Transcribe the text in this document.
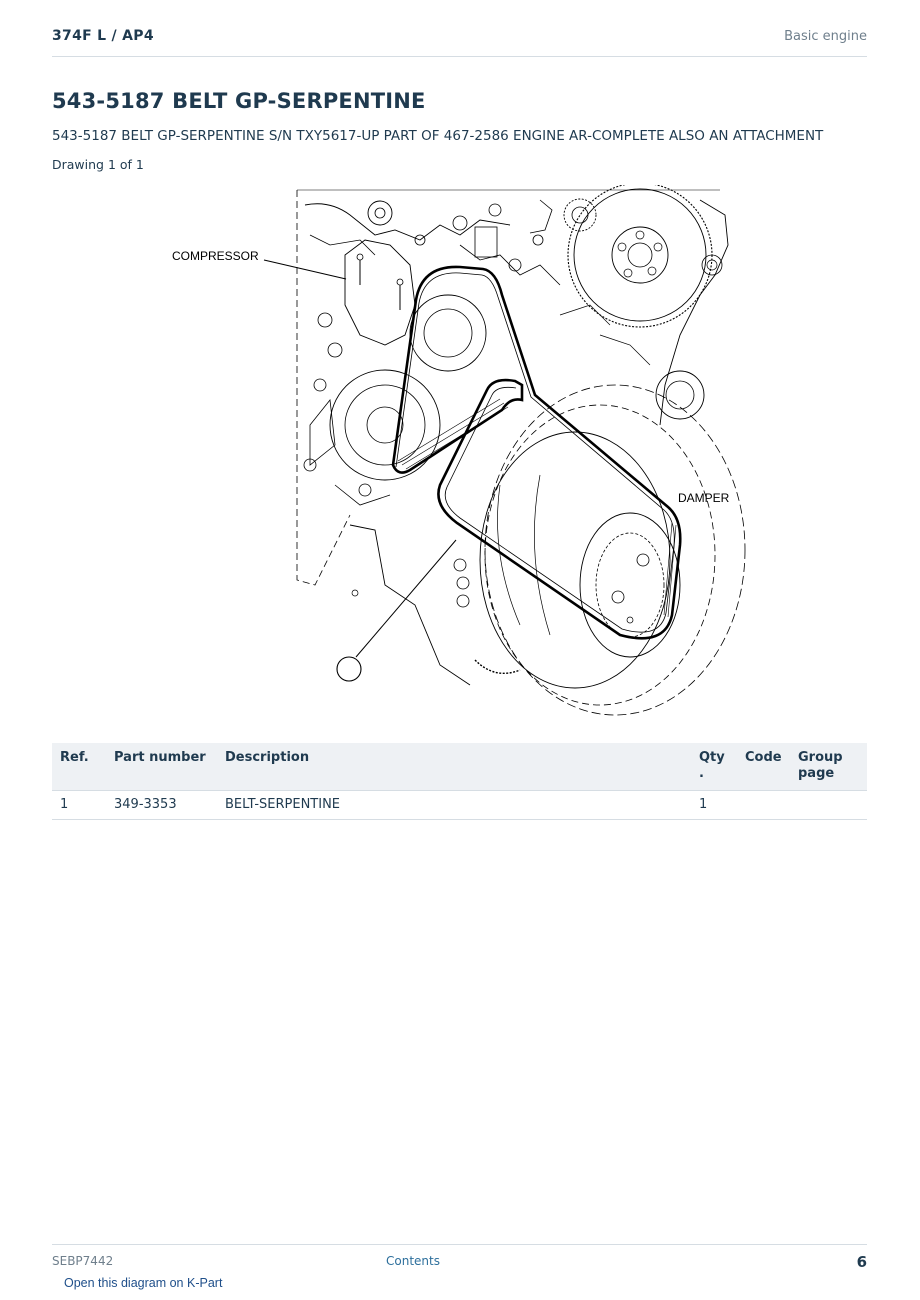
374F L / AP4	Basic engine
543-5187 BELT GP-SERPENTINE
543-5187 BELT GP-SERPENTINE S/N TXY5617-UP PART OF 467-2586 ENGINE AR-COMPLETE ALSO AN ATTACHMENT
Drawing 1 of 1
COMPRESSOR
DAMPER
Ref.	Part number	Description	Qty .	Code	Group page
1	349-3353	BELT-SERPENTINE	1		
SEBP7442	Contents	6
Open this diagram on K-Part
